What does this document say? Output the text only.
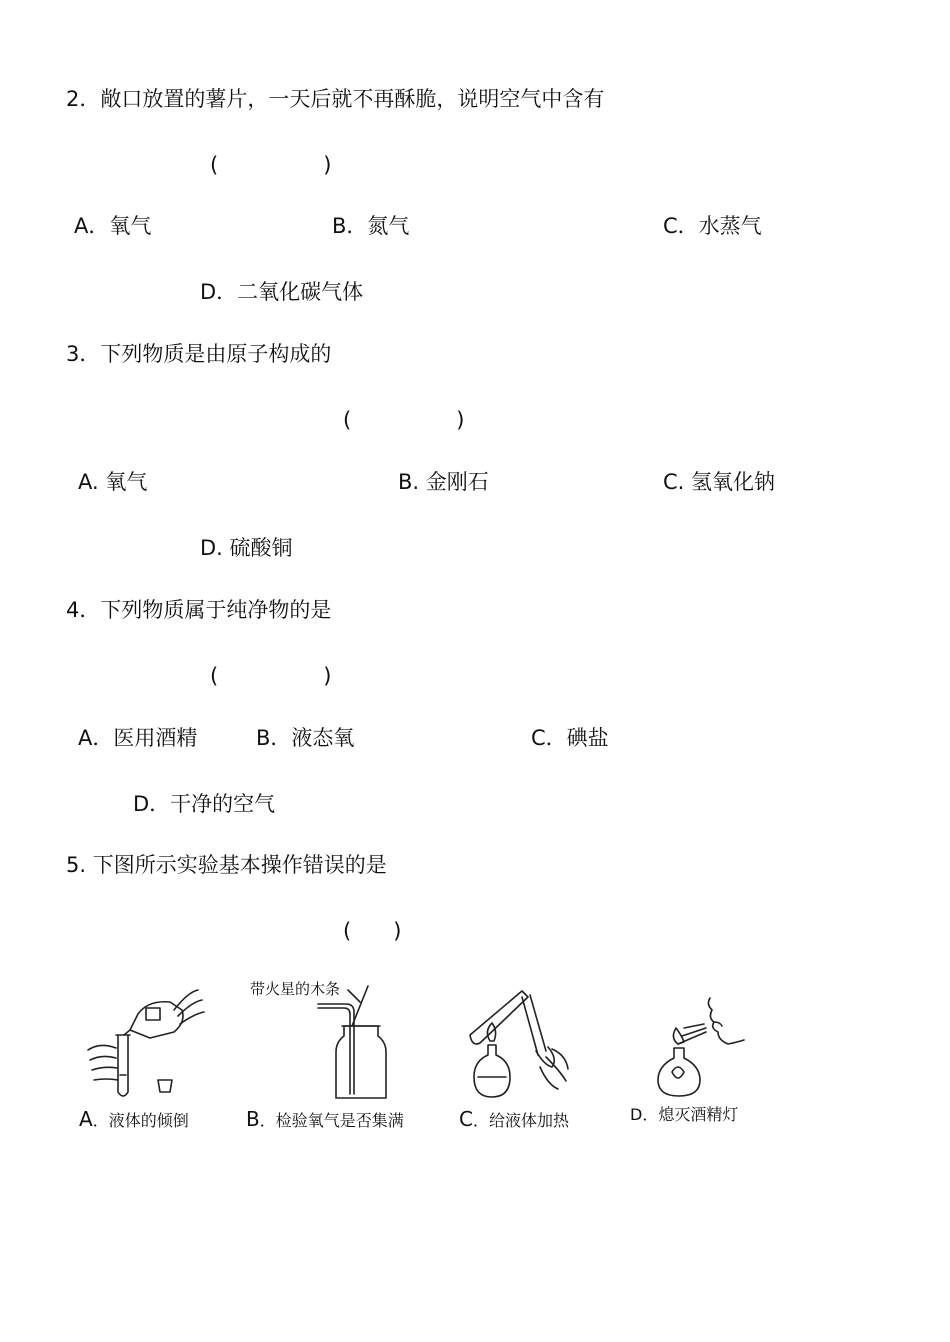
2．敞口放置的薯片，一天后就不再酥脆，说明空气中含有
(　　　　　)
A．氧气	B．氮气	C．水蒸气
D．二氧化碳气体
3．下列物质是由原子构成的
(　　　　　)
A. 氧气	B. 金刚石	C. 氢氧化钠
D. 硫酸铜
4．下列物质属于纯净物的是
(　　　　　)
A．医用酒精	B．液态氧	C．碘盐
D．干净的空气
5. 下图所示实验基本操作错误的是
(　　)
A．液体的倾倒
带火星的木条
B．检验氧气是否集满	C．给液体加热	D．熄灭酒精灯
